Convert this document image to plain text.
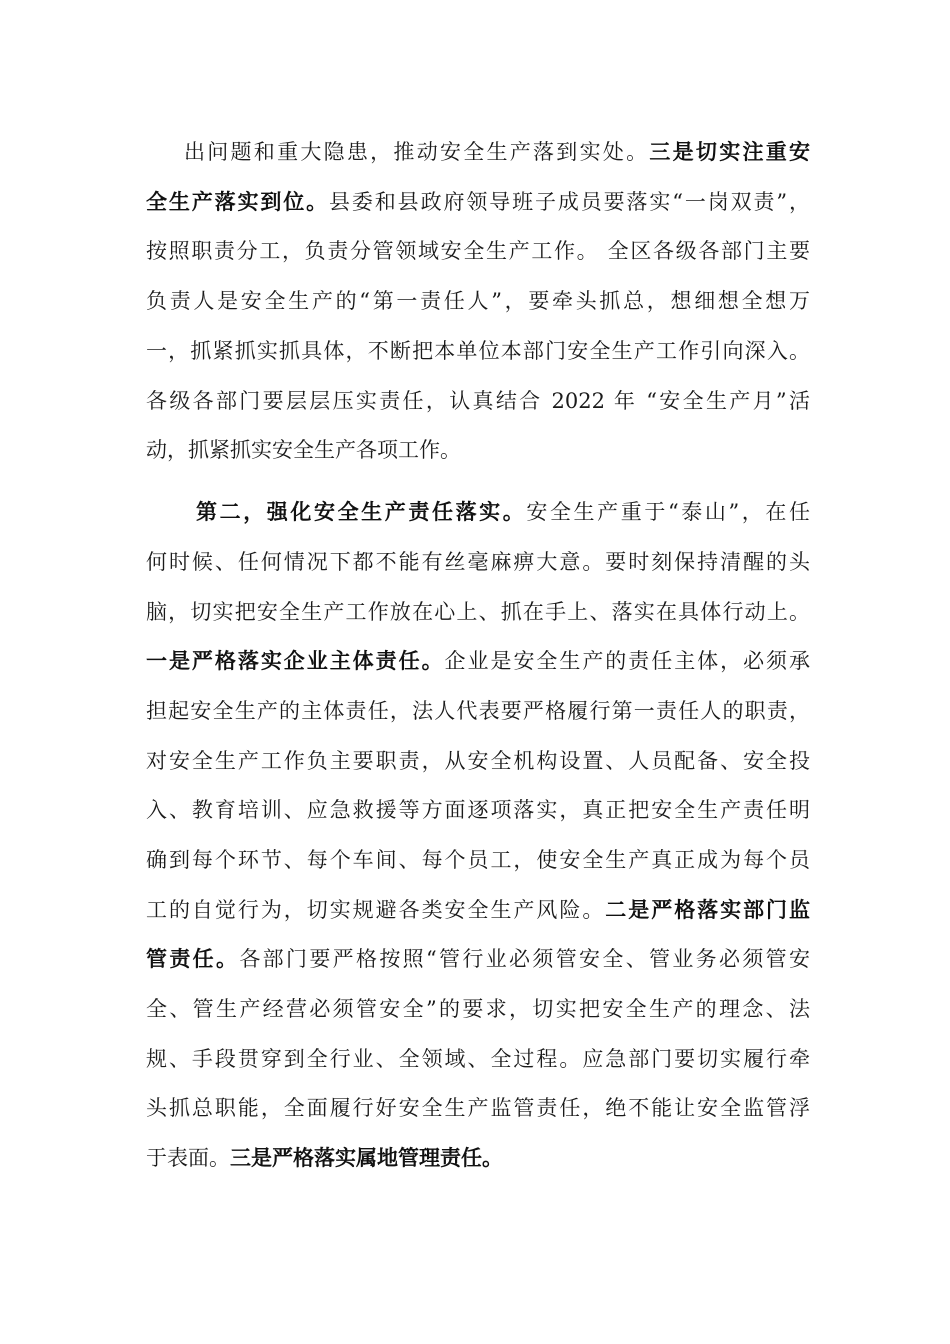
出问题和重大隐患，推动安全生产落到实处。三是切实注重安
全生产落实到位。县委和县政府领导班子成员要落实“一岗双责”，
按照职责分工，负责分管领域安全生产工作。 全区各级各部门主要
负责人是安全生产的“第一责任人”，要牵头抓总，想细想全想万
一，抓紧抓实抓具体，不断把本单位本部门安全生产工作引向深入。
各级各部门要层层压实责任，认真结合 2022 年 “安全生产月”活
动，抓紧抓实安全生产各项工作。
第二，强化安全生产责任落实。安全生产重于“泰山”，在任
何时候、任何情况下都不能有丝毫麻痹大意。要时刻保持清醒的头
脑，切实把安全生产工作放在心上、抓在手上、落实在具体行动上。
一是严格落实企业主体责任。企业是安全生产的责任主体，必须承
担起安全生产的主体责任，法人代表要严格履行第一责任人的职责，
对安全生产工作负主要职责，从安全机构设置、人员配备、安全投
入、教育培训、应急救援等方面逐项落实，真正把安全生产责任明
确到每个环节、每个车间、每个员工，使安全生产真正成为每个员
工的自觉行为，切实规避各类安全生产风险。二是严格落实部门监
管责任。各部门要严格按照“管行业必须管安全、管业务必须管安
全、管生产经营必须管安全”的要求，切实把安全生产的理念、法
规、手段贯穿到全行业、全领域、全过程。应急部门要切实履行牵
头抓总职能，全面履行好安全生产监管责任，绝不能让安全监管浮
于表面。三是严格落实属地管理责任。
